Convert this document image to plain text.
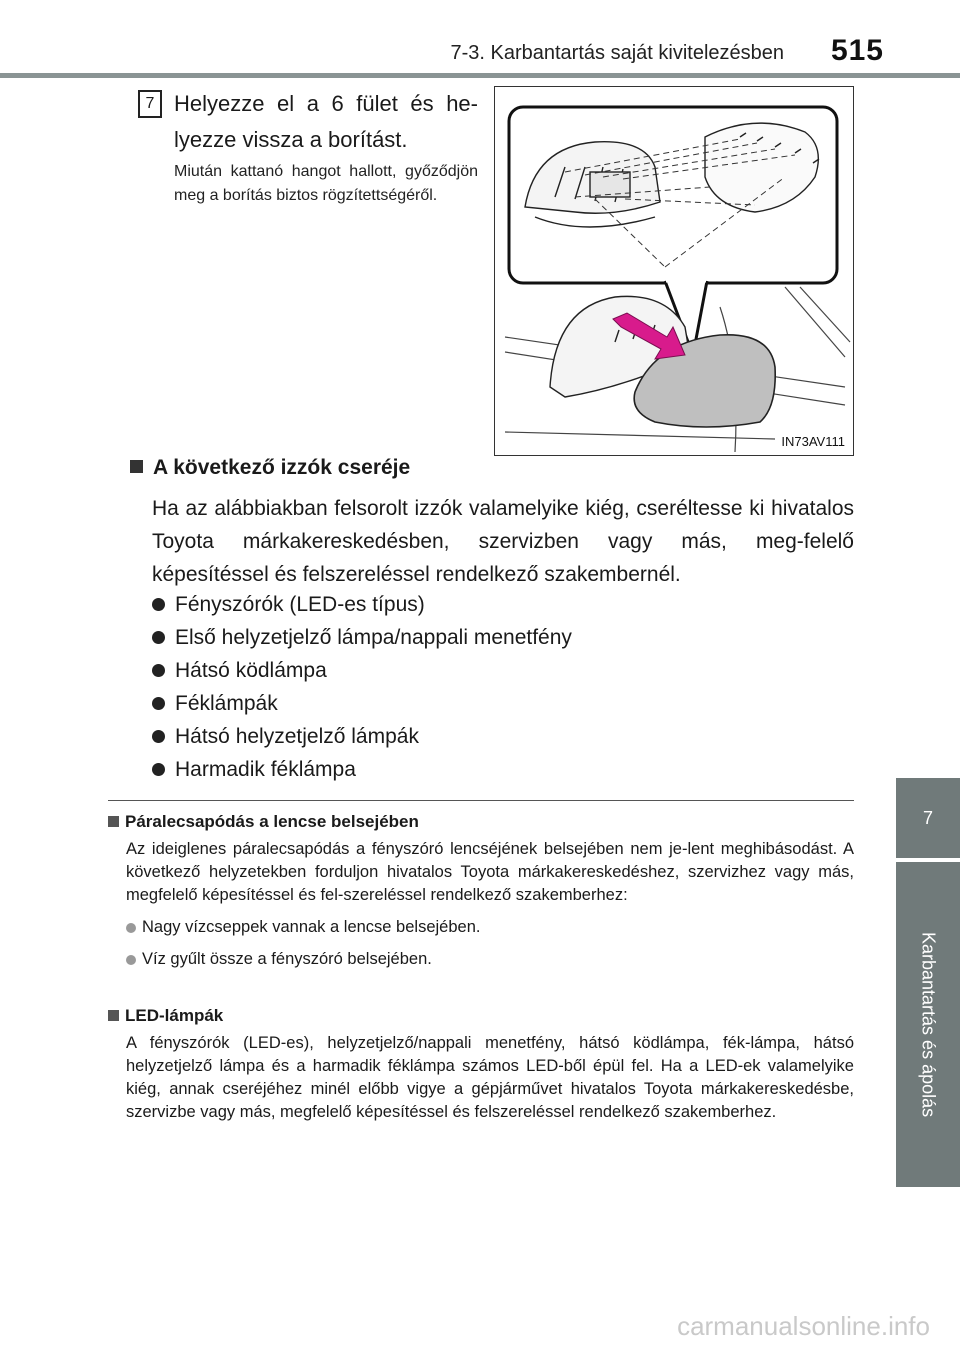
7-3. Karbantartás saját kivitelezésben 515
7
Karbantartás és ápolás
7 Helyezze el a 6 fület és he-lyezze vissza a borítást.
Miután kattanó hangot hallott, győződjön meg a borítás biztos rögzítettségéről.
IN73AV111
A következő izzók cseréje
Ha az alábbiakban felsorolt izzók valamelyike kiég, cseréltesse ki hivatalos Toyota márkakereskedésben, szervizben vagy más, meg-felelő képesítéssel és felszereléssel rendelkező szakembernél.
Fényszórók (LED-es típus)
Első helyzetjelző lámpa/nappali menetfény
Hátsó ködlámpa
Féklámpák
Hátsó helyzetjelző lámpák
Harmadik féklámpa
Páralecsapódás a lencse belsejében
Az ideiglenes páralecsapódás a fényszóró lencséjének belsejében nem je-lent meghibásodást. A következő helyzetekben forduljon hivatalos Toyota márkakereskedéshez, szervizhez vagy más, megfelelő képesítéssel és fel-szereléssel rendelkező szakemberhez:
Nagy vízcseppek vannak a lencse belsejében.
Víz gyűlt össze a fényszóró belsejében.
LED-lámpák
A fényszórók (LED-es), helyzetjelző/nappali menetfény, hátsó ködlámpa, fék-lámpa, hátsó helyzetjelző lámpa és a harmadik féklámpa számos LED-ből épül fel. Ha a LED-ek valamelyike kiég, annak cseréjéhez minél előbb vigye a gépjárművet hivatalos Toyota márkakereskedésbe, szervizbe vagy más, megfelelő képesítéssel és felszereléssel rendelkező szakemberhez.
carmanualsonline.info
